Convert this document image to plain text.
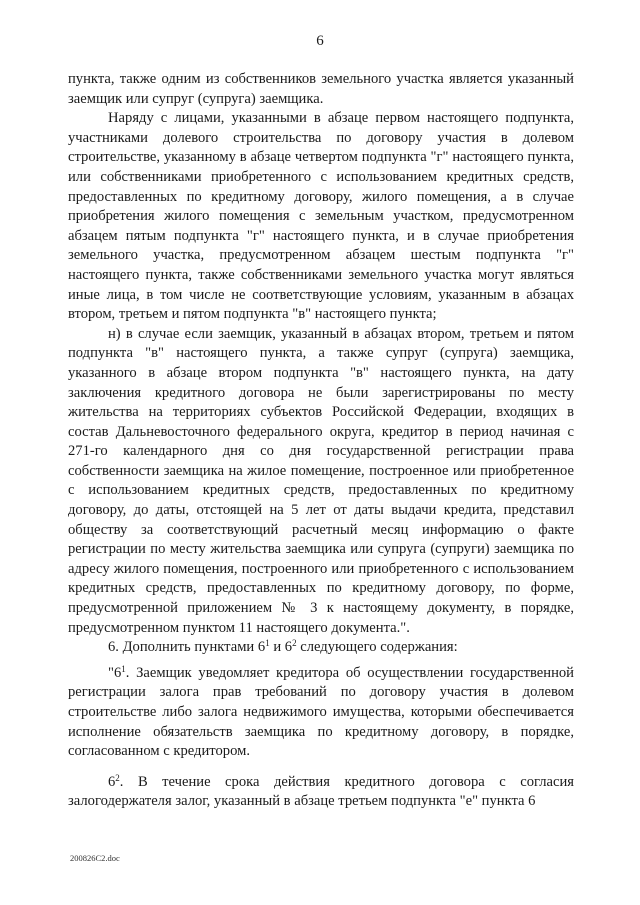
6

пункта, также одним из собственников земельного участка является указанный заемщик или супруг (супруга) заемщика.

Наряду с лицами, указанными в абзаце первом настоящего подпункта, участниками долевого строительства по договору участия в долевом строительстве, указанному в абзаце четвертом подпункта "г" настоящего пункта, или собственниками приобретенного с использованием кредитных средств, предоставленных по кредитному договору, жилого помещения, а в случае приобретения жилого помещения с земельным участком, предусмотренном абзацем пятым подпункта "г" настоящего пункта, и в случае приобретения земельного участка, предусмотренном абзацем шестым подпункта "г" настоящего пункта, также собственниками земельного участка могут являться иные лица, в том числе не соответствующие условиям, указанным в абзацах втором, третьем и пятом подпункта "в" настоящего пункта;

н) в случае если заемщик, указанный в абзацах втором, третьем и пятом подпункта "в" настоящего пункта, а также супруг (супруга) заемщика, указанного в абзаце втором подпункта "в" настоящего пункта, на дату заключения кредитного договора не были зарегистрированы по месту жительства на территориях субъектов Российской Федерации, входящих в состав Дальневосточного федерального округа, кредитор в период начиная с 271-го календарного дня со дня государственной регистрации права собственности заемщика на жилое помещение, построенное или приобретенное с использованием кредитных средств, предоставленных по кредитному договору, до даты, отстоящей на 5 лет от даты выдачи кредита, представил обществу за соответствующий расчетный месяц информацию о факте регистрации по месту жительства заемщика или супруга (супруги) заемщика по адресу жилого помещения, построенного или приобретенного с использованием кредитных средств, предоставленных по кредитному договору, по форме, предусмотренной приложением № 3 к настоящему документу, в порядке, предусмотренном пунктом 11 настоящего документа.".

6. Дополнить пунктами $6^1$ и $6^2$ следующего содержания:

"$6^1$. Заемщик уведомляет кредитора об осуществлении государственной регистрации залога прав требований по договору участия в долевом строительстве либо залога недвижимого имущества, которыми обеспечивается исполнение обязательств заемщика по кредитному договору, в порядке, согласованном с кредитором.

$6^2$. В течение срока действия кредитного договора с согласия залогодержателя залог, указанный в абзаце третьем подпункта "е" пункта 6

200826C2.doc
